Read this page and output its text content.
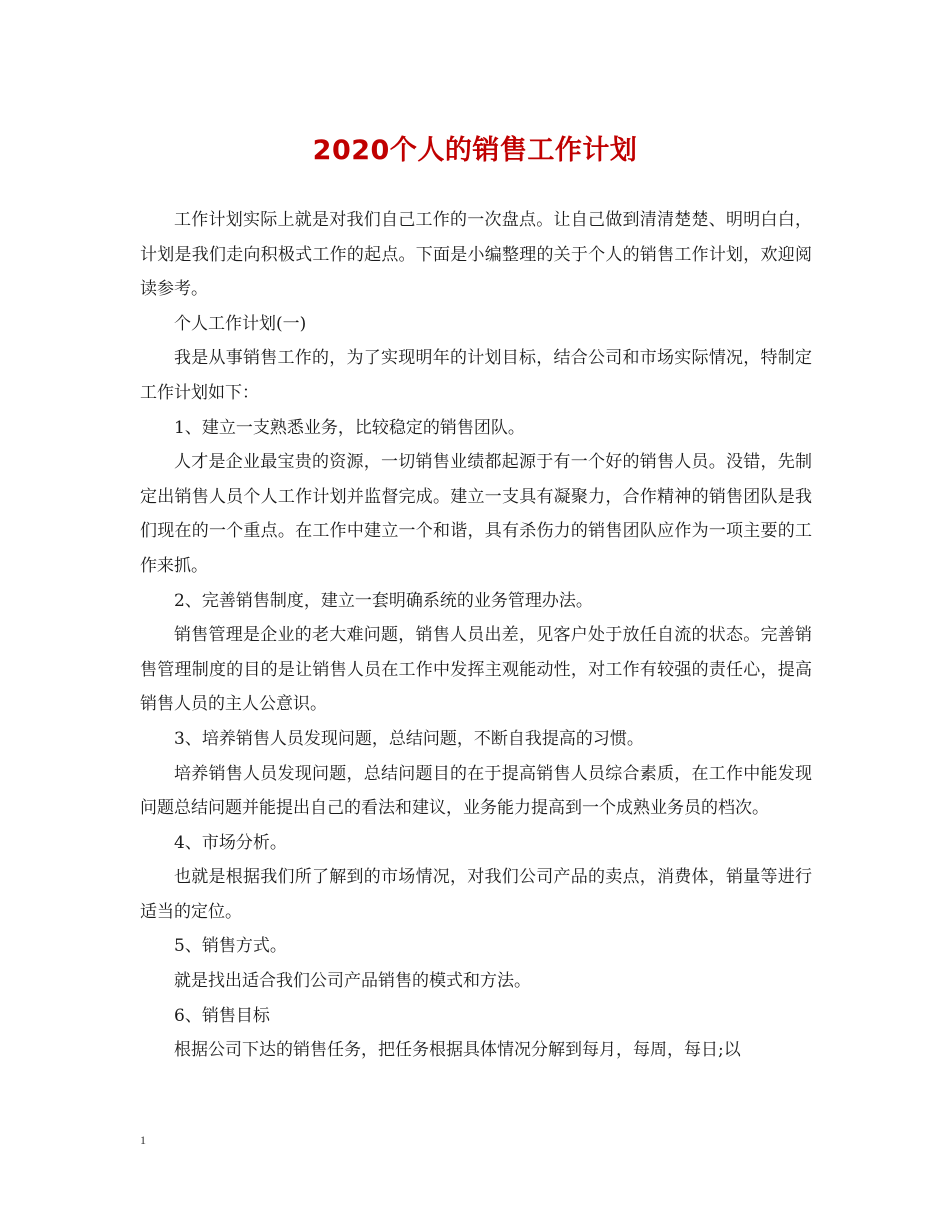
2020个人的销售工作计划

工作计划实际上就是对我们自己工作的一次盘点。让自己做到清清楚楚、明明白白，计划是我们走向积极式工作的起点。下面是小编整理的关于个人的销售工作计划，欢迎阅读参考。

个人工作计划(一)

我是从事销售工作的，为了实现明年的计划目标，结合公司和市场实际情况，特制定工作计划如下：

1、建立一支熟悉业务，比较稳定的销售团队。

人才是企业最宝贵的资源，一切销售业绩都起源于有一个好的销售人员。没错，先制定出销售人员个人工作计划并监督完成。建立一支具有凝聚力，合作精神的销售团队是我们现在的一个重点。在工作中建立一个和谐，具有杀伤力的销售团队应作为一项主要的工作来抓。

2、完善销售制度，建立一套明确系统的业务管理办法。

销售管理是企业的老大难问题，销售人员出差，见客户处于放任自流的状态。完善销售管理制度的目的是让销售人员在工作中发挥主观能动性，对工作有较强的责任心，提高销售人员的主人公意识。

3、培养销售人员发现问题，总结问题，不断自我提高的习惯。

培养销售人员发现问题，总结问题目的在于提高销售人员综合素质，在工作中能发现问题总结问题并能提出自己的看法和建议，业务能力提高到一个成熟业务员的档次。

4、市场分析。

也就是根据我们所了解到的市场情况，对我们公司产品的卖点，消费体，销量等进行适当的定位。

5、销售方式。

就是找出适合我们公司产品销售的模式和方法。

6、销售目标

根据公司下达的销售任务，把任务根据具体情况分解到每月，每周，每日;以

1
